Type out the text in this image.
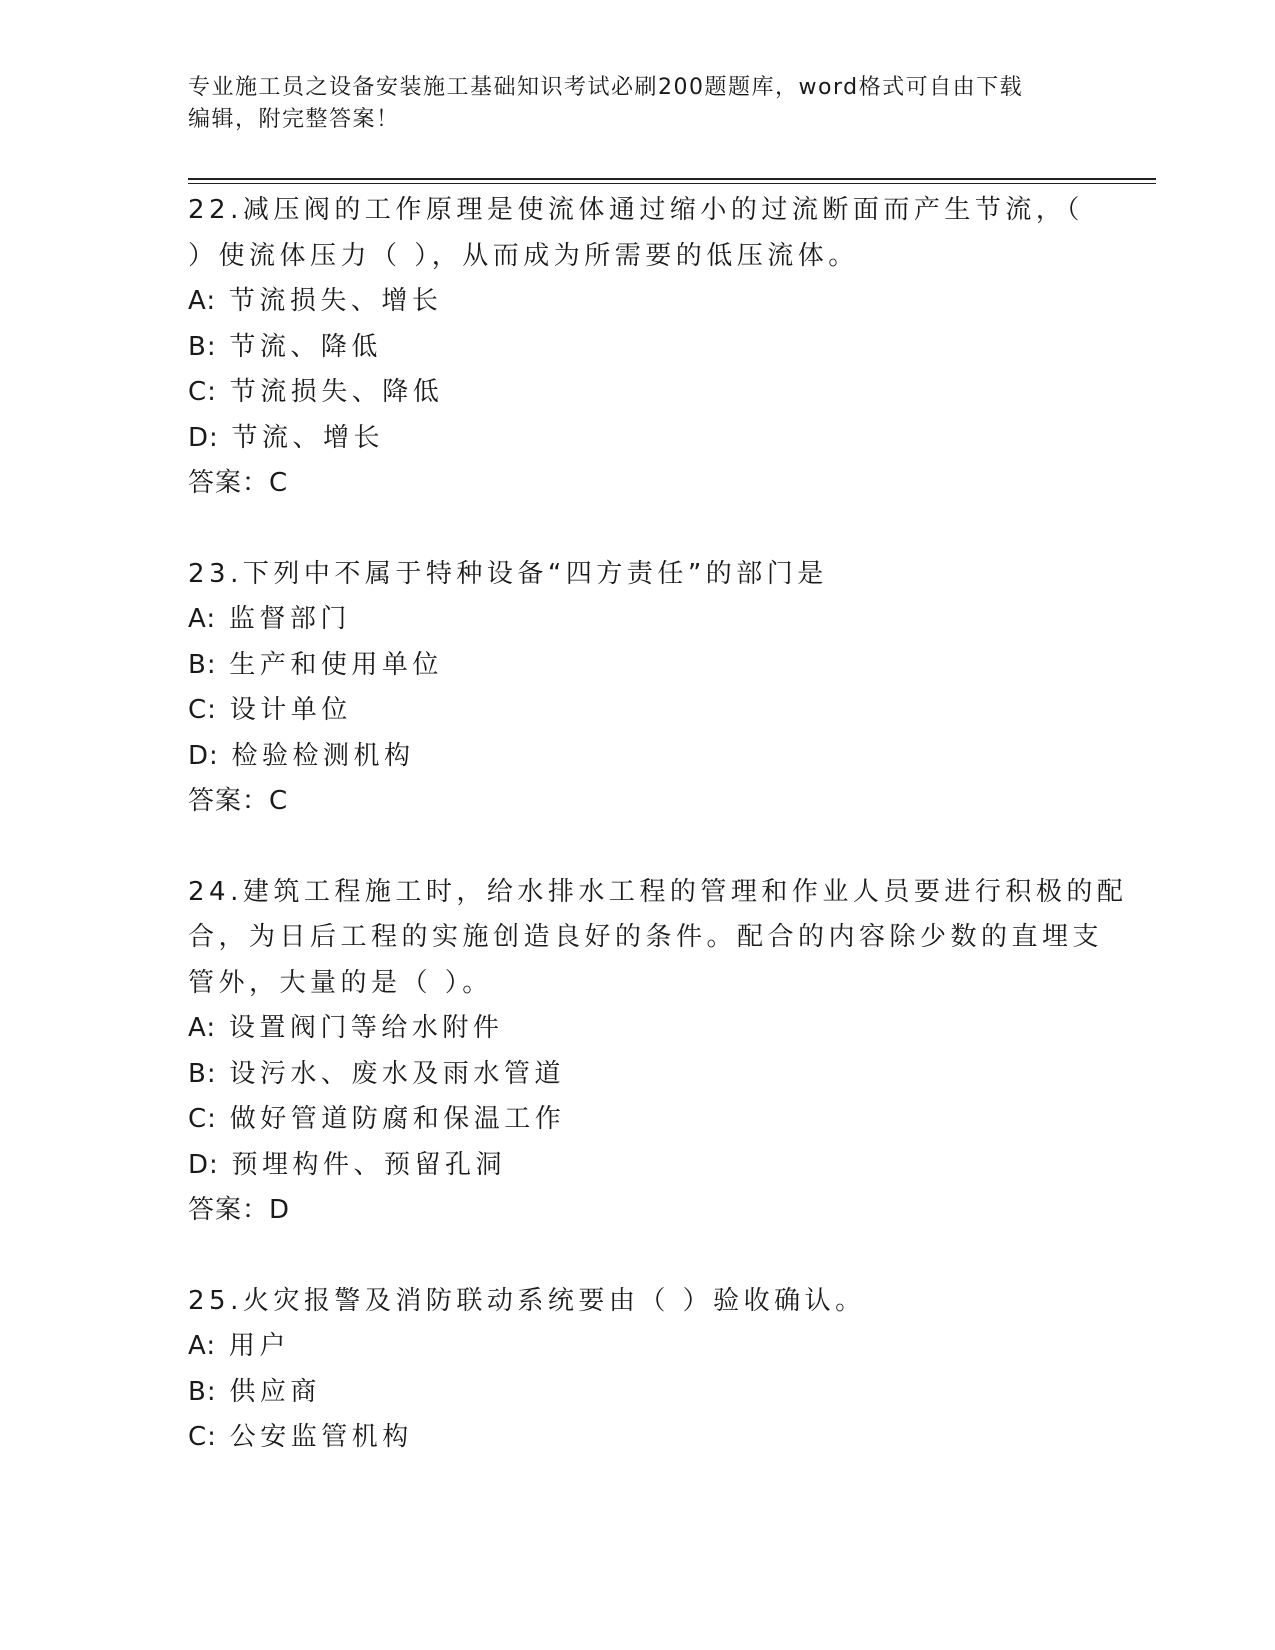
专业施工员之设备安装施工基础知识考试必刷200题题库，word格式可自由下载
编辑，附完整答案！
22.减压阀的工作原理是使流体通过缩小的过流断面而产生节流，（
）使流体压力（ ），从而成为所需要的低压流体。
A: 节流损失、增长
B: 节流、降低
C: 节流损失、降低
D: 节流、增长
答案：C
23.下列中不属于特种设备“四方责任”的部门是
A: 监督部门
B: 生产和使用单位
C: 设计单位
D: 检验检测机构
答案：C
24.建筑工程施工时，给水排水工程的管理和作业人员要进行积极的配
合，为日后工程的实施创造良好的条件。配合的内容除少数的直埋支
管外，大量的是（ ）。
A: 设置阀门等给水附件
B: 设污水、废水及雨水管道
C: 做好管道防腐和保温工作
D: 预埋构件、预留孔洞
答案：D
25.火灾报警及消防联动系统要由（ ）验收确认。
A: 用户
B: 供应商
C: 公安监管机构
